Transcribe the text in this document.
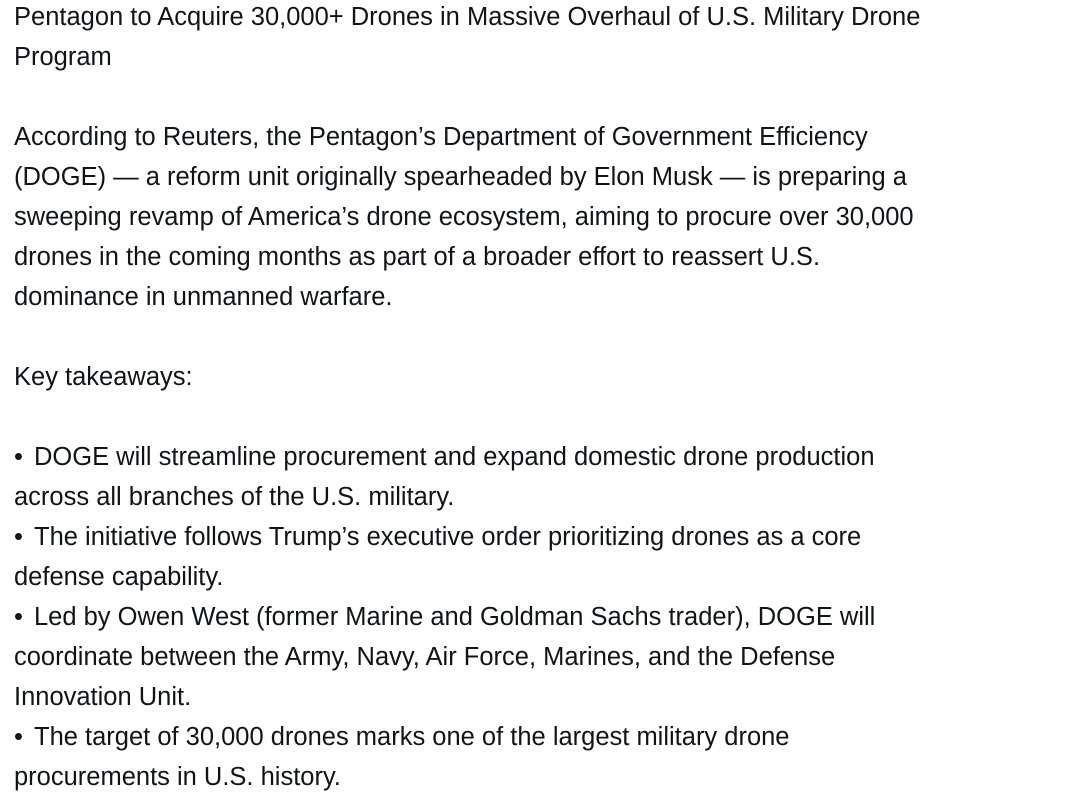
Pentagon to Acquire 30,000+ Drones in Massive Overhaul of U.S. Military Drone
Program
According to Reuters, the Pentagon’s Department of Government Efficiency
(DOGE) — a reform unit originally spearheaded by Elon Musk — is preparing a
sweeping revamp of America’s drone ecosystem, aiming to procure over 30,000
drones in the coming months as part of a broader effort to reassert U.S.
dominance in unmanned warfare.
Key takeaways:
• DOGE will streamline procurement and expand domestic drone production
across all branches of the U.S. military.
• The initiative follows Trump’s executive order prioritizing drones as a core
defense capability.
• Led by Owen West (former Marine and Goldman Sachs trader), DOGE will
coordinate between the Army, Navy, Air Force, Marines, and the Defense
Innovation Unit.
• The target of 30,000 drones marks one of the largest military drone
procurements in U.S. history.
